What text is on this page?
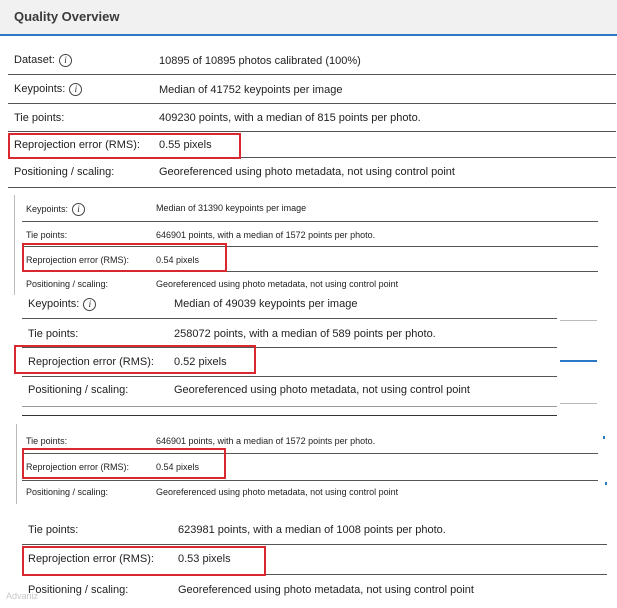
Quality Overview
Dataset: i	10895 of 10895 photos calibrated (100%)
Keypoints: i	Median of 41752 keypoints per image
Tie points:	409230 points, with a median of 815 points per photo.
Reprojection error (RMS): 0.55 pixels
Positioning / scaling:	Georeferenced using photo metadata, not using control point
Keypoints: i	Median of 31390 keypoints per image
Tie points:	646901 points, with a median of 1572 points per photo.
Reprojection error (RMS):	0.54 pixels
Positioning / scaling:	Georeferenced using photo metadata, not using control point
Keypoints: i	Median of 49039 keypoints per image
Tie points:	258072 points, with a median of 589 points per photo.
Reprojection error (RMS): 0.52 pixels
Positioning / scaling:	Georeferenced using photo metadata, not using control point
Tie points:	646901 points, with a median of 1572 points per photo.
Reprojection error (RMS):	0.54 pixels
Positioning / scaling:	Georeferenced using photo metadata, not using control point
Tie points:	623981 points, with a median of 1008 points per photo.
Reprojection error (RMS): 0.53 pixels
Positioning / scaling:	Georeferenced using photo metadata, not using control point
Advaniz
